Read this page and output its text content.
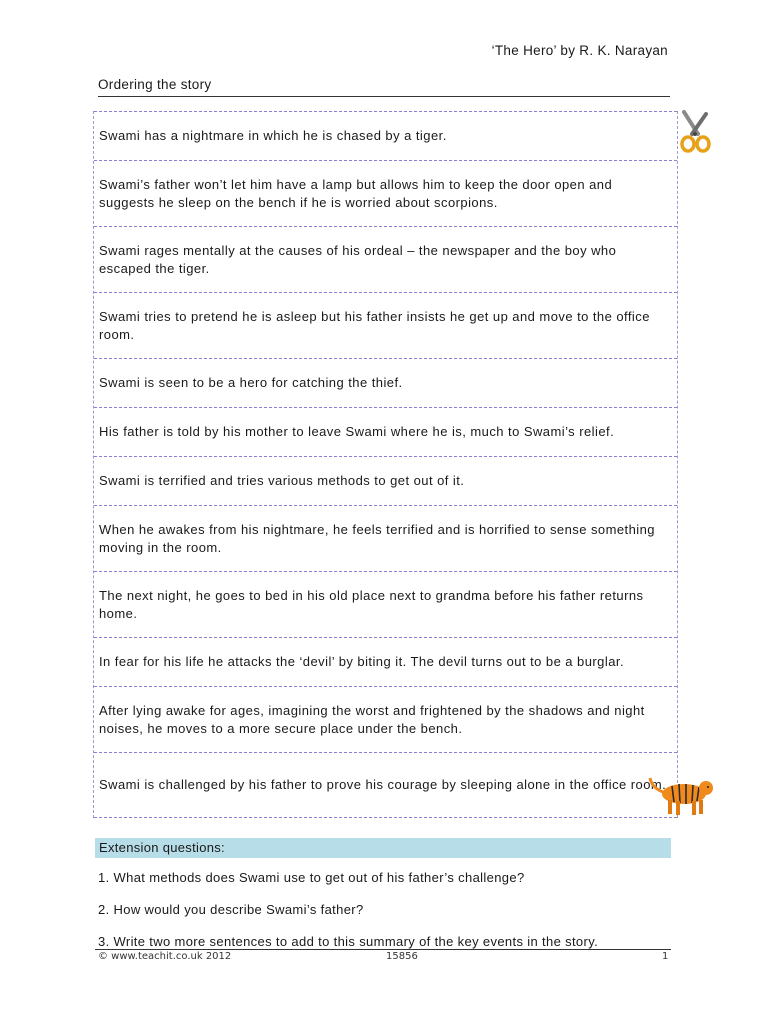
‘The Hero’ by R. K. Narayan
Ordering the story
Swami has a nightmare in which he is chased by a tiger.
Swami’s father won’t let him have a lamp but allows him to keep the door open and suggests he sleep on the bench if he is worried about scorpions.
Swami rages mentally at the causes of his ordeal – the newspaper and the boy who escaped the tiger.
Swami tries to pretend he is asleep but his father insists he get up and move to the office room.
Swami is seen to be a hero for catching the thief.
His father is told by his mother to leave Swami where he is, much to Swami’s relief.
Swami is terrified and tries various methods to get out of it.
When he awakes from his nightmare, he feels terrified and is horrified to sense something moving in the room.
The next night, he goes to bed in his old place next to grandma before his father returns home.
In fear for his life he attacks the ‘devil’ by biting it. The devil turns out to be a burglar.
After lying awake for ages, imagining the worst and frightened by the shadows and night noises, he moves to a more secure place under the bench.
Swami is challenged by his father to prove his courage by sleeping alone in the office room.
Extension questions:
1. What methods does Swami use to get out of his father’s challenge?
2. How would you describe Swami’s father?
3. Write two more sentences to add to this summary of the key events in the story.
© www.teachit.co.uk 2012	15856	1
